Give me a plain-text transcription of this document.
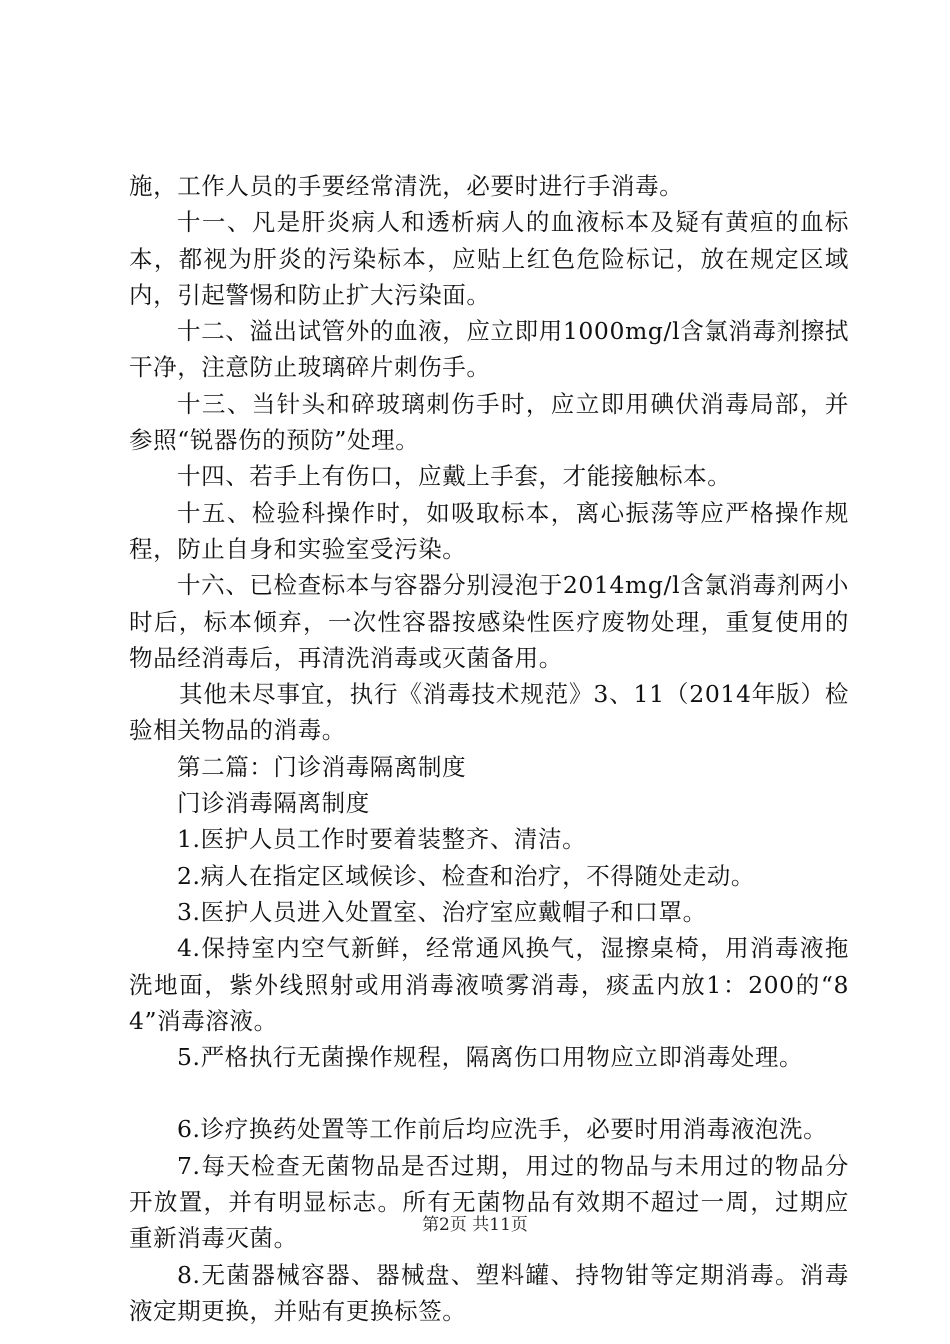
施，工作人员的手要经常清洗，必要时进行手消毒。

十一、凡是肝炎病人和透析病人的血液标本及疑有黄疸的血标本，都视为肝炎的污染标本，应贴上红色危险标记，放在规定区域内，引起警惕和防止扩大污染面。

十二、溢出试管外的血液，应立即用1000mg/l含氯消毒剂擦拭干净，注意防止玻璃碎片刺伤手。

十三、当针头和碎玻璃刺伤手时，应立即用碘伏消毒局部，并参照“锐器伤的预防”处理。

十四、若手上有伤口，应戴上手套，才能接触标本。

十五、检验科操作时，如吸取标本，离心振荡等应严格操作规程，防止自身和实验室受污染。

十六、已检查标本与容器分别浸泡于2014mg/l含氯消毒剂两小时后，标本倾弃，一次性容器按感染性医疗废物处理，重复使用的物品经消毒后，再清洗消毒或灭菌备用。

其他未尽事宜，执行《消毒技术规范》3、11（2014年版）检验相关物品的消毒。

第二篇：门诊消毒隔离制度

门诊消毒隔离制度

1.医护人员工作时要着装整齐、清洁。

2.病人在指定区域候诊、检查和治疗，不得随处走动。

3.医护人员进入处置室、治疗室应戴帽子和口罩。

4.保持室内空气新鲜，经常通风换气，湿擦桌椅，用消毒液拖洗地面，紫外线照射或用消毒液喷雾消毒，痰盂内放1：200的“84”消毒溶液。

5.严格执行无菌操作规程，隔离伤口用物应立即消毒处理。

6.诊疗换药处置等工作前后均应洗手，必要时用消毒液泡洗。

7.每天检查无菌物品是否过期，用过的物品与未用过的物品分开放置，并有明显标志。所有无菌物品有效期不超过一周，过期应重新消毒灭菌。

8.无菌器械容器、器械盘、塑料罐、持物钳等定期消毒。消毒液定期更换，并贴有更换标签。

第2页 共11页
